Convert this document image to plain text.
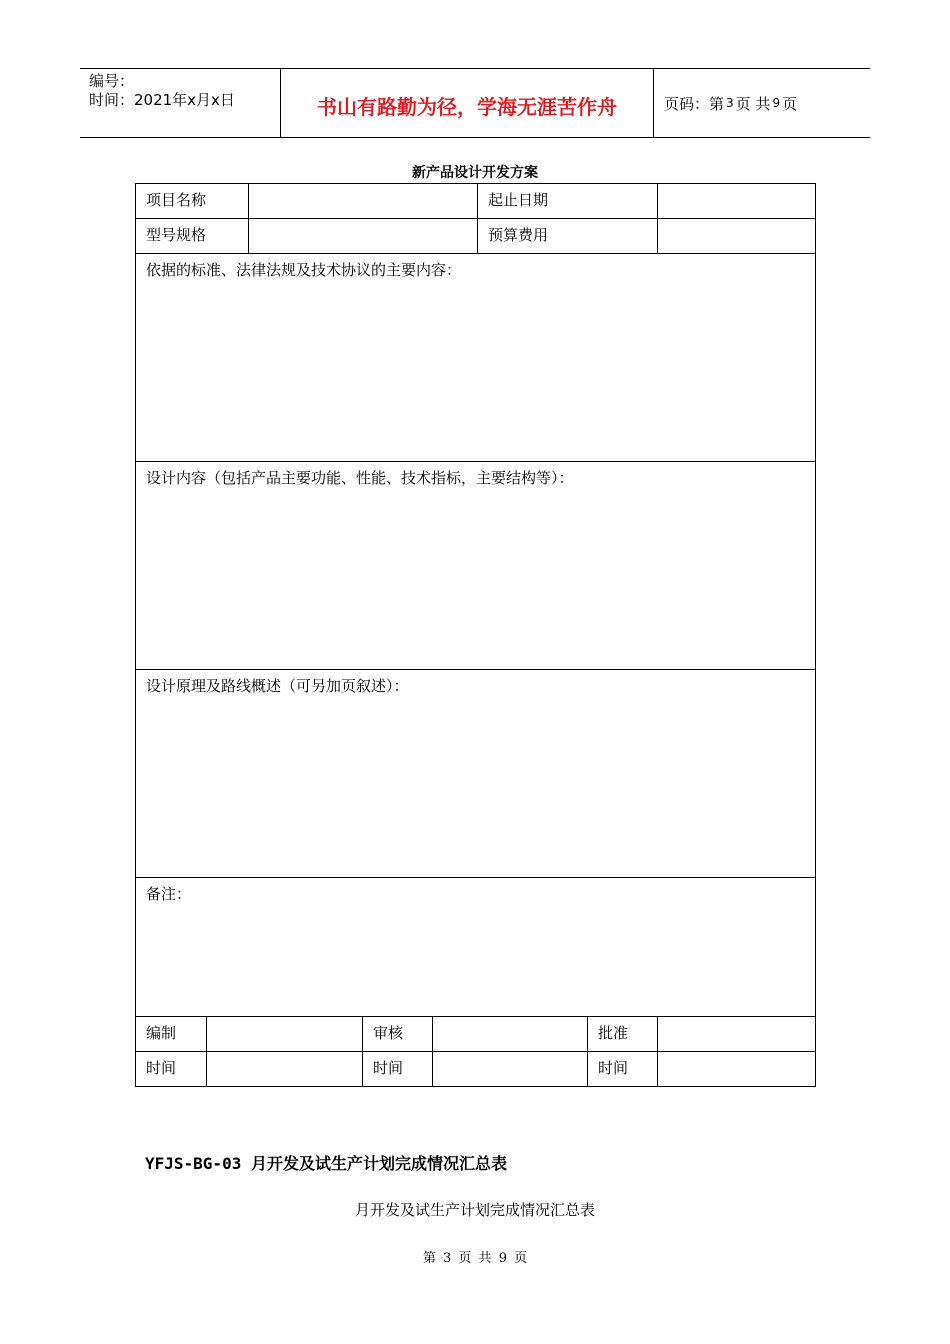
编号：
时间：2021年x月x日	书山有路勤为径，学海无涯苦作舟	页码：第 3 页 共 9 页
新产品设计开发方案
项目名称					起止日期		
型号规格					预算费用		
依据的标准、法律法规及技术协议的主要内容：							
设计内容（包括产品主要功能、性能、技术指标，主要结构等）：							
设计原理及路线概述（可另加页叙述）：							
备注：							
编制			审核			批准	
时间			时间			时间	
YFJS-BG-03 月开发及试生产计划完成情况汇总表
月开发及试生产计划完成情况汇总表
第 3 页 共 9 页
